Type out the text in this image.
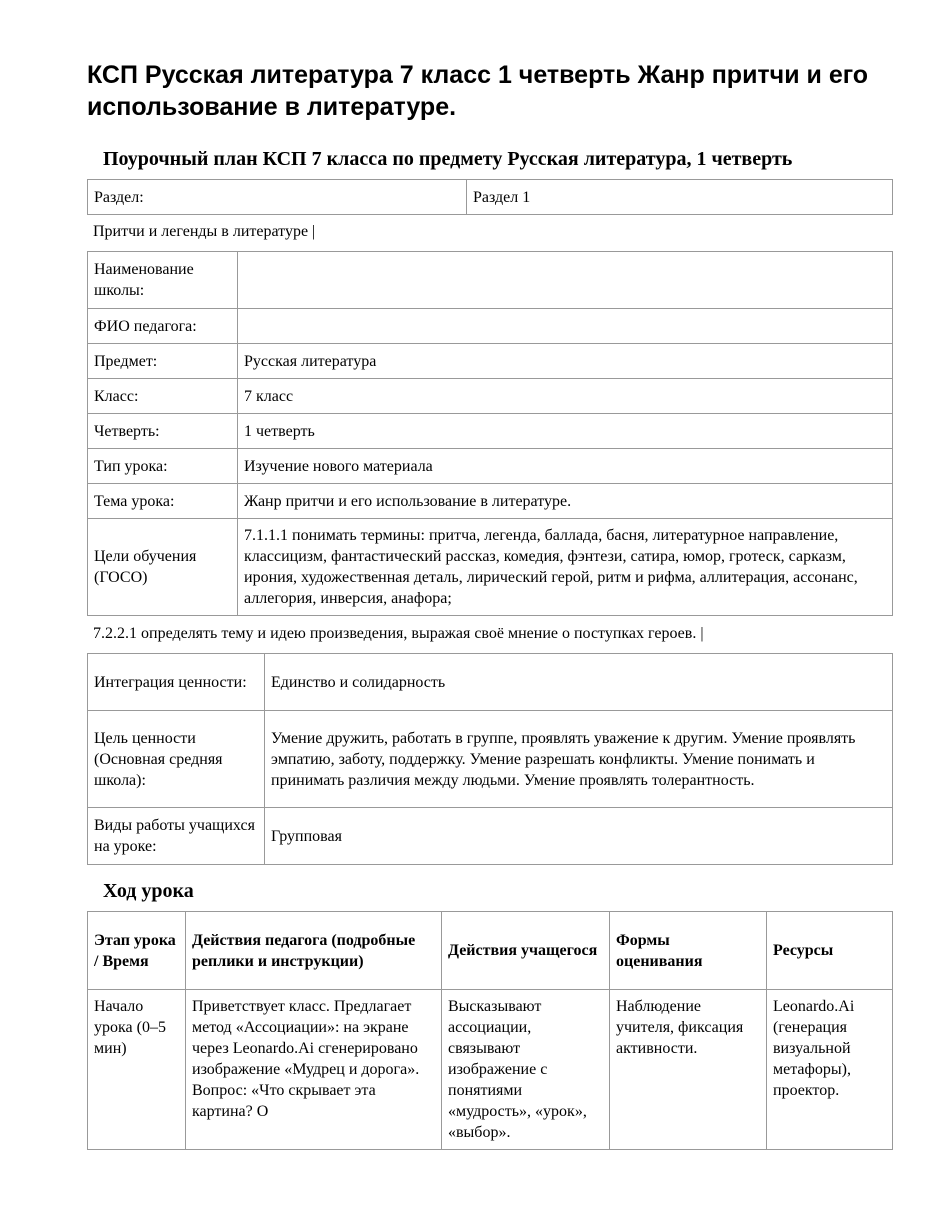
КСП Русская литература 7 класс 1 четверть Жанр притчи и его использование в литературе.
Поурочный план КСП 7 класса по предмету Русская литература, 1 четверть
Раздел:	Раздел 1
Притчи и легенды в литературе |
Наименование школы:	
ФИО педагога:	
Предмет:	Русская литература
Класс:	7 класс
Четверть:	1 четверть
Тип урока:	Изучение нового материала
Тема урока:	Жанр притчи и его использование в литературе.
Цели обучения (ГОСО)	7.1.1.1 понимать термины: притча, легенда, баллада, басня, литературное направление, классицизм, фантастический рассказ, комедия, фэнтези, сатира, юмор, гротеск, сарказм, ирония, художественная деталь, лирический герой, ритм и рифма, аллитерация, ассонанс, аллегория, инверсия, анафора;
7.2.2.1 определять тему и идею произведения, выражая своё мнение о поступках героев. |
Интеграция ценности:	Единство и солидарность
Цель ценности (Основная средняя школа):	Умение дружить, работать в группе, проявлять уважение к другим. Умение проявлять эмпатию, заботу, поддержку. Умение разрешать конфликты. Умение понимать и принимать различия между людьми. Умение проявлять толерантность.
Виды работы учащихся на уроке:	Групповая
Ход урока
Этап урока / Время	Действия педагога (подробные реплики и инструкции)	Действия учащегося	Формы оценивания	Ресурсы
Начало урока (0–5 мин)	Приветствует класс. Предлагает метод «Ассоциации»: на экране через Leonardo.Ai сгенерировано изображение «Мудрец и дорога». Вопрос: «Что скрывает эта картина? О	Высказывают ассоциации, связывают изображение с понятиями «мудрость», «урок», «выбор».	Наблюдение учителя, фиксация активности.	Leonardo.Ai (генерация визуальной метафоры), проектор.
